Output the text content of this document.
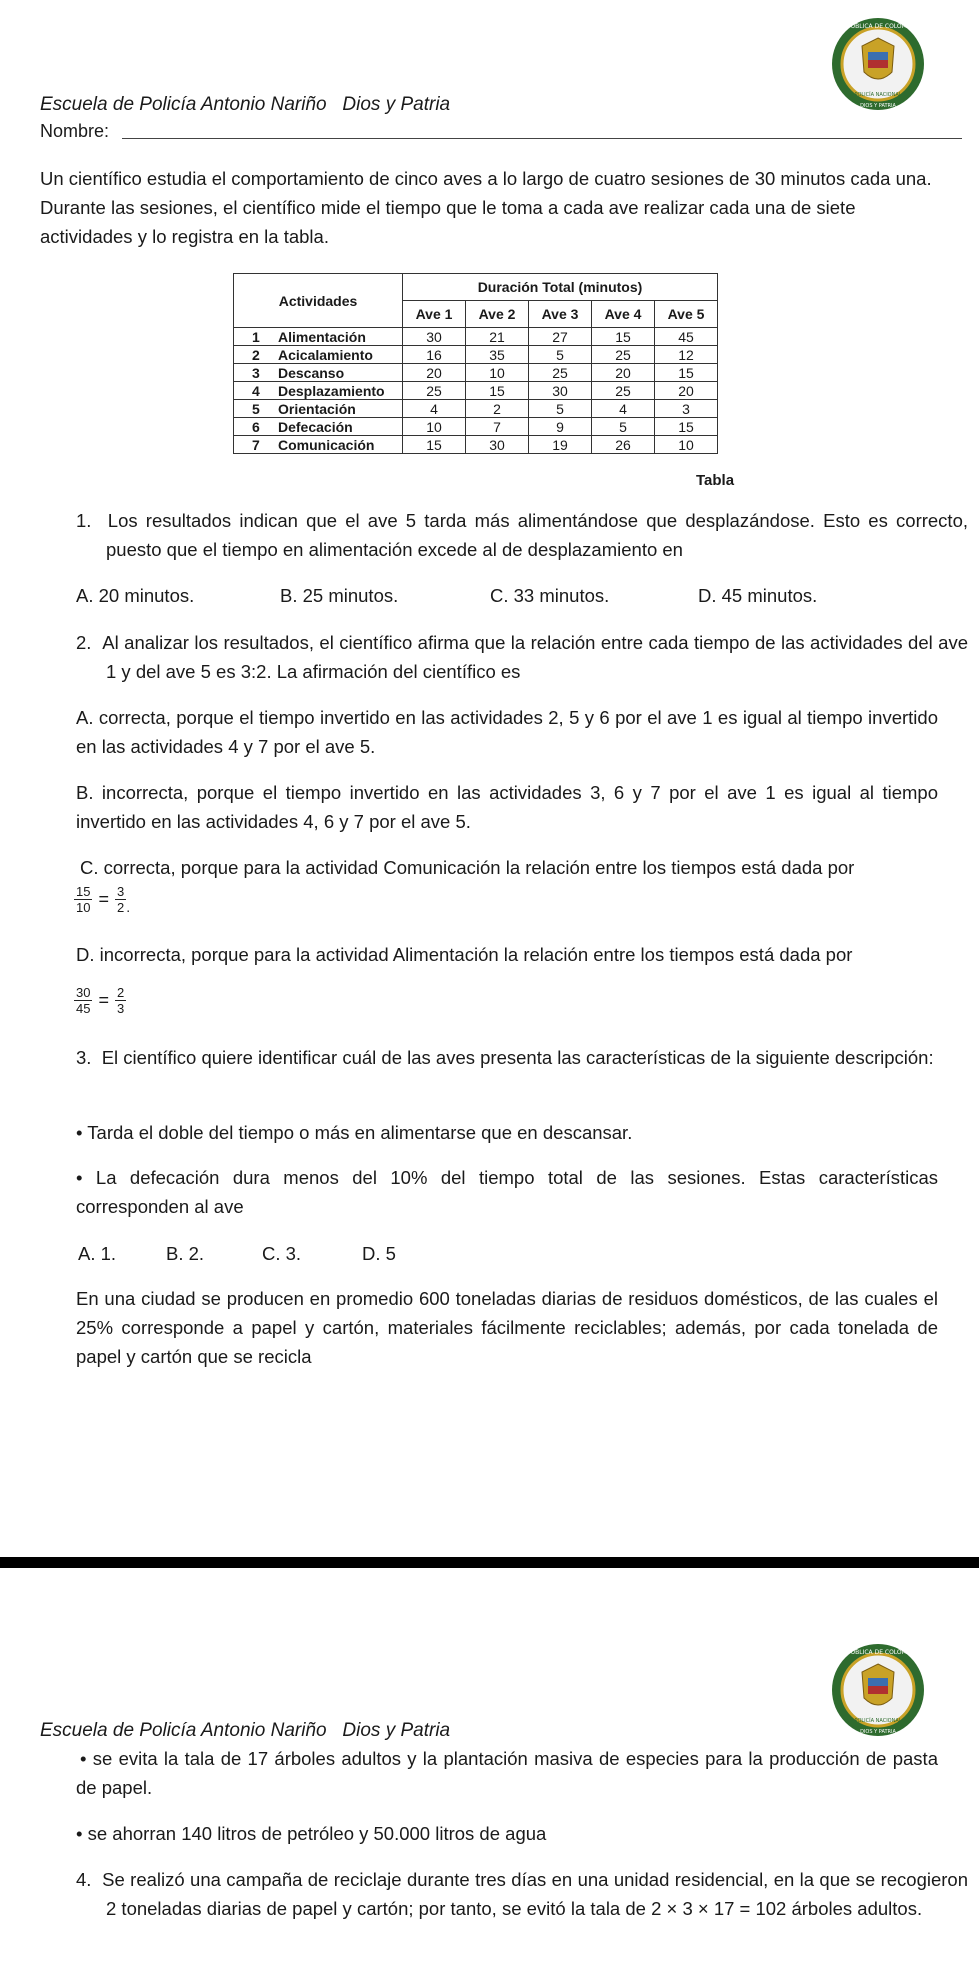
REPÚBLICA DE COLOMBIA
POLICÍA NACIONAL
DIOS Y PATRIA
Escuela de Policía Antonio Nariño Dios y Patria
Nombre:
Un científico estudia el comportamiento de cinco aves a lo largo de cuatro sesiones de 30 minutos cada una. Durante las sesiones, el científico mide el tiempo que le toma a cada ave realizar cada una de siete actividades y lo registra en la tabla.
Actividades	Duración Total (minutos)				
	Ave 1	Ave 2	Ave 3	Ave 4	Ave 5
1 Alimentación	30	21	27	15	45
2 Acicalamiento	16	35	5	25	12
3 Descanso	20	10	25	20	15
4 Desplazamiento	25	15	30	25	20
5 Orientación	4	2	5	4	3
6 Defecación	10	7	9	5	15
7 Comunicación	15	30	19	26	10
Tabla
1.  Los resultados indican que el ave 5 tarda más alimentándose que desplazándose. Esto es correcto, puesto que el tiempo en alimentación excede al de desplazamiento en
A. 20 minutos.	B. 25 minutos.	C. 33 minutos.	D. 45 minutos.
2.  Al analizar los resultados, el científico afirma que la relación entre cada tiempo de las actividades del ave 1 y del ave 5 es 3:2. La afirmación del científico es
A. correcta, porque el tiempo invertido en las actividades 2, 5 y 6 por el ave 1 es igual al tiempo invertido en las actividades 4 y 7 por el ave 5.
B. incorrecta, porque el tiempo invertido en las actividades 3, 6 y 7 por el ave 1 es igual al tiempo invertido en las actividades 4, 6 y 7 por el ave 5.
C. correcta, porque para la actividad Comunicación la relación entre los tiempos está dada por
$\frac{15}{10} = \frac{3}{2}$ .
D. incorrecta, porque para la actividad Alimentación la relación entre los tiempos está dada por
$\frac{30}{45} = \frac{2}{3}$
3.  El científico quiere identificar cuál de las aves presenta las características de la siguiente descripción:
• Tarda el doble del tiempo o más en alimentarse que en descansar.
• La defecación dura menos del 10% del tiempo total de las sesiones. Estas características corresponden al ave
A. 1.	B. 2.	C. 3.	D. 5
En una ciudad se producen en promedio 600 toneladas diarias de residuos domésticos, de las cuales el 25% corresponde a papel y cartón, materiales fácilmente reciclables; además, por cada tonelada de papel y cartón que se recicla
REPÚBLICA DE COLOMBIA
POLICÍA NACIONAL
DIOS Y PATRIA
Escuela de Policía Antonio Nariño Dios y Patria
• se evita la tala de 17 árboles adultos y la plantación masiva de especies para la producción de pasta de papel.
• se ahorran 140 litros de petróleo y 50.000 litros de agua
4.  Se realizó una campaña de reciclaje durante tres días en una unidad residencial, en la que se recogieron 2 toneladas diarias de papel y cartón; por tanto, se evitó la tala de 2 × 3 × 17 = 102 árboles adultos.
